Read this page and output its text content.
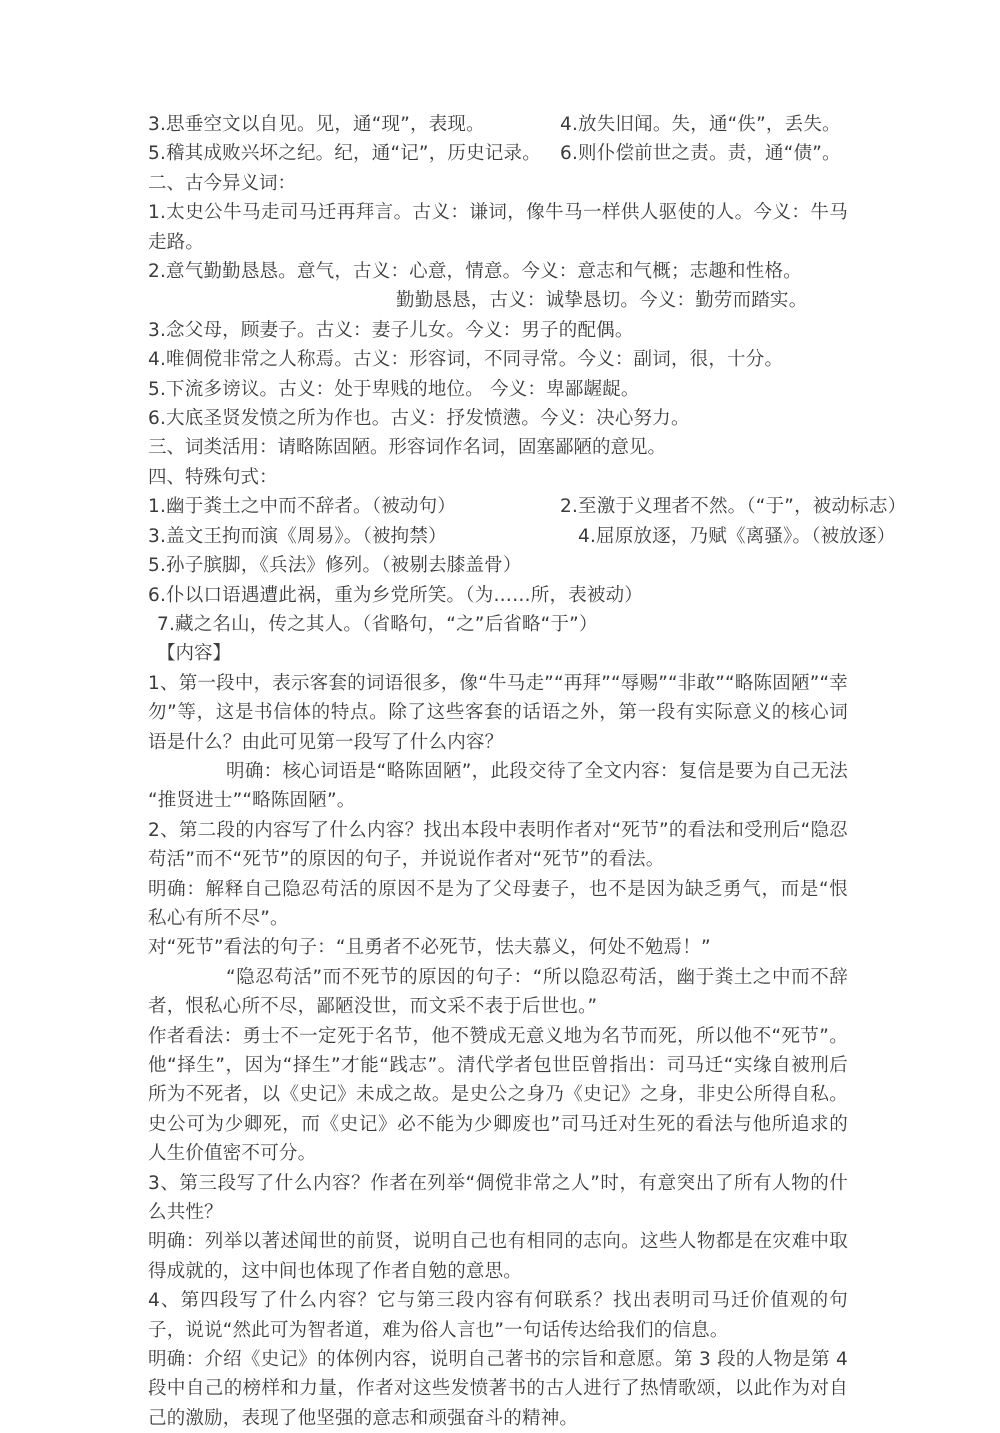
3.思垂空文以自见。见，通“现”，表现。	4.放失旧闻。失，通“佚”，丢失。
5.稽其成败兴坏之纪。纪，通“记”，历史记录。	6.则仆偿前世之责。责，通“债”。
二、古今异义词：
1.太史公牛马走司马迁再拜言。古义：谦词，像牛马一样供人驱使的人。今义：牛马走路。
2.意气勤勤恳恳。意气，古义：心意，情意。今义：意志和气概；志趣和性格。
勤勤恳恳，古义：诚挚恳切。今义：勤劳而踏实。
3.念父母，顾妻子。古义：妻子儿女。今义：男子的配偶。
4.唯倜傥非常之人称焉。古义：形容词，不同寻常。今义：副词，很，十分。
5.下流多谤议。古义：处于卑贱的地位。 今义：卑鄙龌龊。
6.大底圣贤发愤之所为作也。古义：抒发愤懑。今义：决心努力。
三、词类活用：请略陈固陋。形容词作名词，固塞鄙陋的意见。
四、特殊句式：
1.幽于粪土之中而不辞者。（被动句）	2.至激于义理者不然。（“于”，被动标志）
3.盖文王拘而演《周易》。（被拘禁）	4.屈原放逐，乃赋《离骚》。（被放逐）
5.孙子膑脚，《兵法》修列。（被剔去膝盖骨）
6.仆以口语遇遭此祸，重为乡党所笑。（为……所，表被动）
7.藏之名山，传之其人。（省略句，“之”后省略“于”）
【内容】
1、第一段中，表示客套的词语很多，像“牛马走”“再拜”“辱赐”“非敢”“略陈固陋”“幸勿”等，这是书信体的特点。除了这些客套的话语之外，第一段有实际意义的核心词语是什么？由此可见第一段写了什么内容？
明确：核心词语是“略陈固陋”，此段交待了全文内容：复信是要为自己无法“推贤进士”“略陈固陋”。
2、第二段的内容写了什么内容？找出本段中表明作者对“死节”的看法和受刑后“隐忍苟活”而不“死节”的原因的句子，并说说作者对“死节”的看法。
明确：解释自己隐忍苟活的原因不是为了父母妻子，也不是因为缺乏勇气，而是“恨私心有所不尽”。
对“死节”看法的句子：“且勇者不必死节，怯夫慕义，何处不勉焉！”
“隐忍苟活”而不死节的原因的句子：“所以隐忍苟活，幽于粪土之中而不辞者，恨私心所不尽，鄙陋没世，而文采不表于后世也。”
作者看法：勇士不一定死于名节，他不赞成无意义地为名节而死，所以他不“死节”。他“择生”，因为“择生”才能“践志”。清代学者包世臣曾指出：司马迁“实缘自被刑后所为不死者，以《史记》未成之故。是史公之身乃《史记》之身，非史公所得自私。史公可为少卿死，而《史记》必不能为少卿废也”司马迁对生死的看法与他所追求的人生价值密不可分。
3、第三段写了什么内容？作者在列举“倜傥非常之人”时，有意突出了所有人物的什么共性？
明确：列举以著述闻世的前贤，说明自己也有相同的志向。这些人物都是在灾难中取得成就的，这中间也体现了作者自勉的意思。
4、第四段写了什么内容？它与第三段内容有何联系？找出表明司马迁价值观的句子，说说“然此可为智者道，难为俗人言也”一句话传达给我们的信息。
明确：介绍《史记》的体例内容，说明自己著书的宗旨和意愿。第 3 段的人物是第 4 段中自己的榜样和力量，作者对这些发愤著书的古人进行了热情歌颂，以此作为对自己的激励，表现了他坚强的意志和顽强奋斗的精神。
